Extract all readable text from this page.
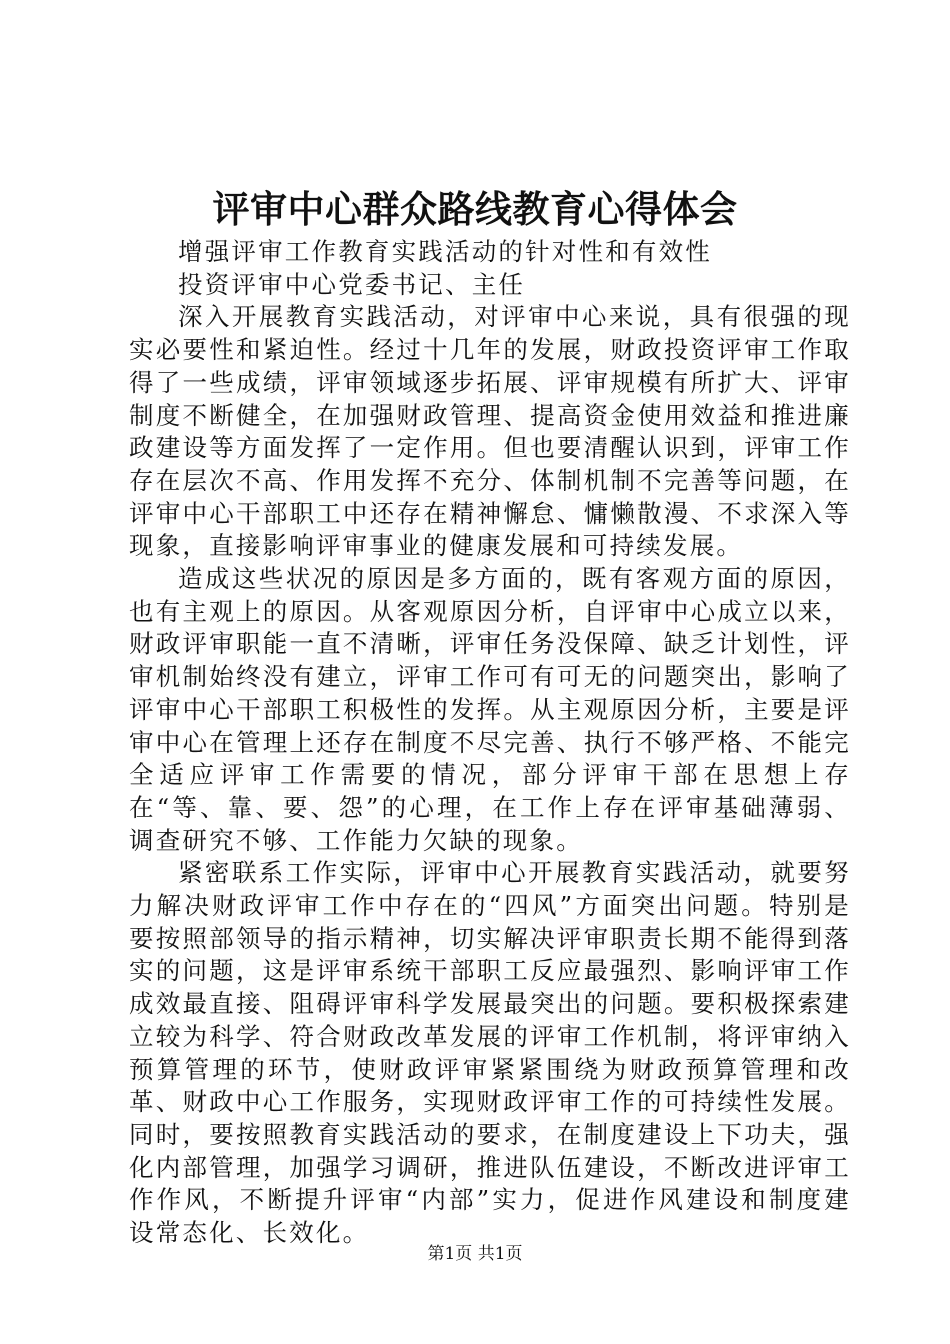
评审中心群众路线教育心得体会

增强评审工作教育实践活动的针对性和有效性

投资评审中心党委书记、主任

深入开展教育实践活动，对评审中心来说，具有很强的现实必要性和紧迫性。经过十几年的发展，财政投资评审工作取得了一些成绩，评审领域逐步拓展、评审规模有所扩大、评审制度不断健全，在加强财政管理、提高资金使用效益和推进廉政建设等方面发挥了一定作用。但也要清醒认识到，评审工作存在层次不高、作用发挥不充分、体制机制不完善等问题，在评审中心干部职工中还存在精神懈怠、慵懒散漫、不求深入等现象，直接影响评审事业的健康发展和可持续发展。

造成这些状况的原因是多方面的，既有客观方面的原因，也有主观上的原因。从客观原因分析，自评审中心成立以来，财政评审职能一直不清晰，评审任务没保障、缺乏计划性，评审机制始终没有建立，评审工作可有可无的问题突出，影响了评审中心干部职工积极性的发挥。从主观原因分析，主要是评审中心在管理上还存在制度不尽完善、执行不够严格、不能完全适应评审工作需要的情况，部分评审干部在思想上存在“等、靠、要、怨”的心理，在工作上存在评审基础薄弱、调查研究不够、工作能力欠缺的现象。

紧密联系工作实际，评审中心开展教育实践活动，就要努力解决财政评审工作中存在的“四风”方面突出问题。特别是要按照部领导的指示精神，切实解决评审职责长期不能得到落实的问题，这是评审系统干部职工反应最强烈、影响评审工作成效最直接、阻碍评审科学发展最突出的问题。要积极探索建立较为科学、符合财政改革发展的评审工作机制，将评审纳入预算管理的环节，使财政评审紧紧围绕为财政预算管理和改革、财政中心工作服务，实现财政评审工作的可持续性发展。同时，要按照教育实践活动的要求，在制度建设上下功夫，强化内部管理，加强学习调研，推进队伍建设，不断改进评审工作作风，不断提升评审“内部”实力，促进作风建设和制度建设常态化、长效化。

第1页 共1页
